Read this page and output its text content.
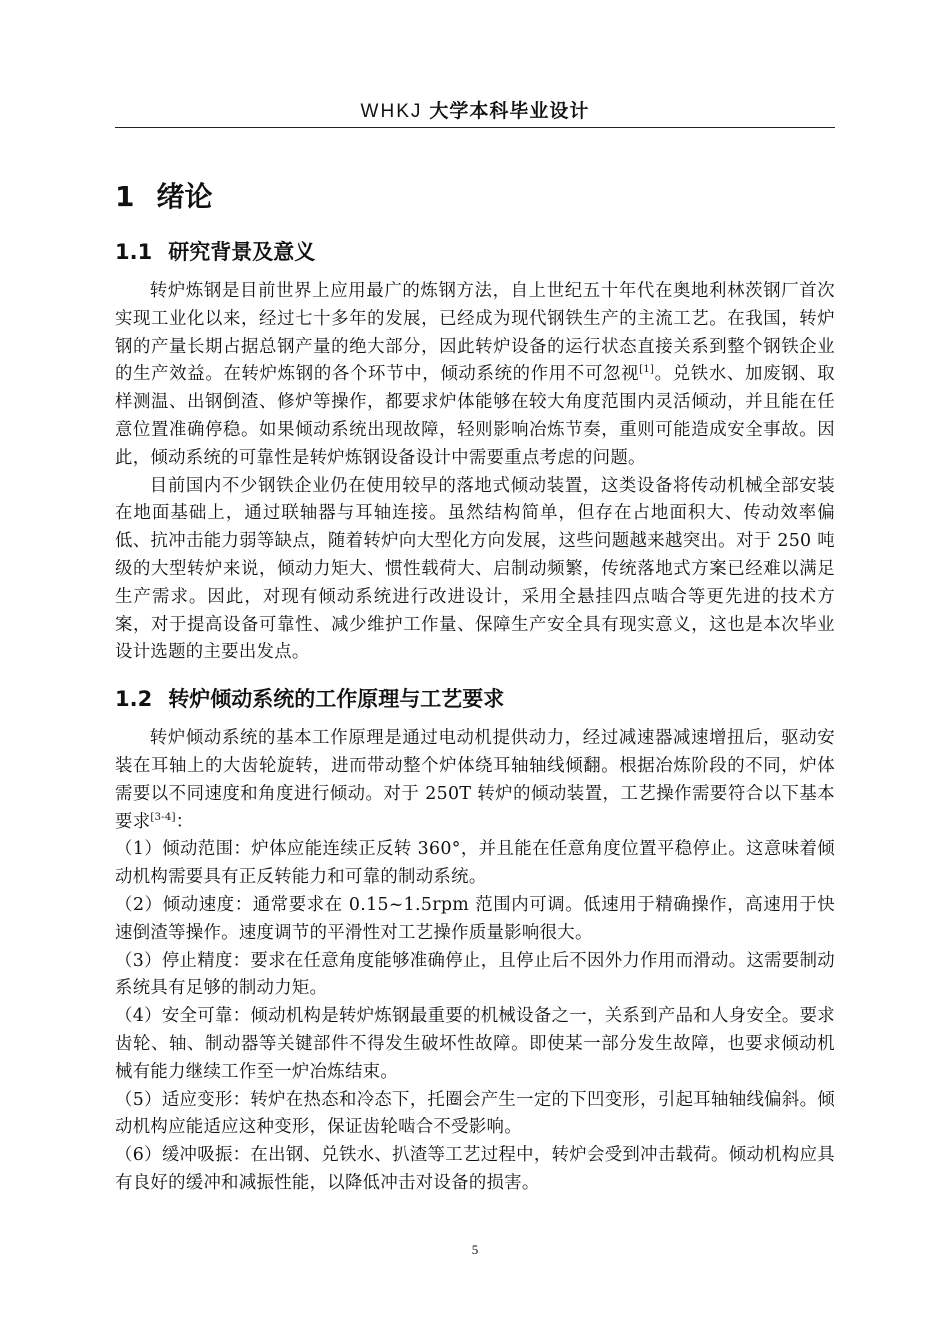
WHKJ 大学本科毕业设计
1 绪论
1.1 研究背景及意义

转炉炼钢是目前世界上应用最广的炼钢方法，自上世纪五十年代在奥地利林茨钢厂首次实现工业化以来，经过七十多年的发展，已经成为现代钢铁生产的主流工艺。在我国，转炉钢的产量长期占据总钢产量的绝大部分，因此转炉设备的运行状态直接关系到整个钢铁企业的生产效益。在转炉炼钢的各个环节中，倾动系统的作用不可忽视[1]。兑铁水、加废钢、取样测温、出钢倒渣、修炉等操作，都要求炉体能够在较大角度范围内灵活倾动，并且能在任意位置准确停稳。如果倾动系统出现故障，轻则影响冶炼节奏，重则可能造成安全事故。因此，倾动系统的可靠性是转炉炼钢设备设计中需要重点考虑的问题。

目前国内不少钢铁企业仍在使用较早的落地式倾动装置，这类设备将传动机械全部安装在地面基础上，通过联轴器与耳轴连接。虽然结构简单，但存在占地面积大、传动效率偏低、抗冲击能力弱等缺点，随着转炉向大型化方向发展，这些问题越来越突出。对于 250 吨级的大型转炉来说，倾动力矩大、惯性载荷大、启制动频繁，传统落地式方案已经难以满足生产需求。因此，对现有倾动系统进行改进设计，采用全悬挂四点啮合等更先进的技术方案，对于提高设备可靠性、减少维护工作量、保障生产安全具有现实意义，这也是本次毕业设计选题的主要出发点。

1.2 转炉倾动系统的工作原理与工艺要求

转炉倾动系统的基本工作原理是通过电动机提供动力，经过减速器减速增扭后，驱动安装在耳轴上的大齿轮旋转，进而带动整个炉体绕耳轴轴线倾翻。根据冶炼阶段的不同，炉体需要以不同速度和角度进行倾动。对于 250T 转炉的倾动装置，工艺操作需要符合以下基本要求[3-4]：

（1）倾动范围：炉体应能连续正反转 360°，并且能在任意角度位置平稳停止。这意味着倾动机构需要具有正反转能力和可靠的制动系统。

（2）倾动速度：通常要求在 0.15~1.5rpm 范围内可调。低速用于精确操作，高速用于快速倒渣等操作。速度调节的平滑性对工艺操作质量影响很大。

（3）停止精度：要求在任意角度能够准确停止，且停止后不因外力作用而滑动。这需要制动系统具有足够的制动力矩。

（4）安全可靠：倾动机构是转炉炼钢最重要的机械设备之一，关系到产品和人身安全。要求齿轮、轴、制动器等关键部件不得发生破坏性故障。即使某一部分发生故障，也要求倾动机械有能力继续工作至一炉冶炼结束。

（5）适应变形：转炉在热态和冷态下，托圈会产生一定的下凹变形，引起耳轴轴线偏斜。倾动机构应能适应这种变形，保证齿轮啮合不受影响。

（6）缓冲吸振：在出钢、兑铁水、扒渣等工艺过程中，转炉会受到冲击载荷。倾动机构应具有良好的缓冲和减振性能，以降低冲击对设备的损害。

5
